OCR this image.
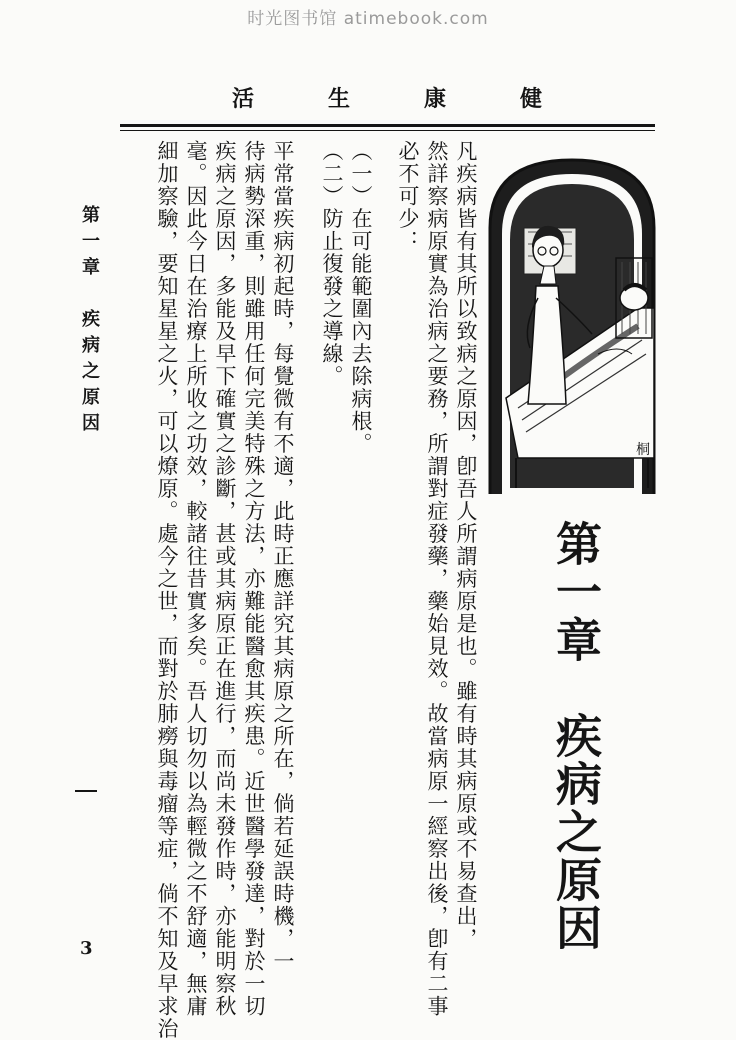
时光图书馆 atimebook.com
活	生	康	健
桐
凡疾病皆有其所以致病之原因，卽吾人所謂病原是也。雖有時其病原或不易查出，
然詳察病原實為治病之要務，所謂對症發藥，藥始見效。故當病原一經察出後，卽有二事
必不可少：
（一）在可能範圍內去除病根。
（二）防止復發之導線。
平常當疾病初起時，每覺微有不適，此時正應詳究其病原之所在，倘若延誤時機，一
待病勢深重，則雖用任何完美特殊之方法，亦難能醫愈其疾患。近世醫學發達，對於一切
疾病之原因，多能及早下確實之診斷，甚或其病原正在進行，而尚未發作時，亦能明察秋
毫。因此今日在治療上所收之功效，較諸往昔實多矣。吾人切勿以為輕微之不舒適，無庸
細加察驗，要知星星之火，可以燎原。處今之世，而對於肺癆與毒瘤等症，倘不知及早求治	第一章　疾病之原因
第一章　疾病之原因
3
